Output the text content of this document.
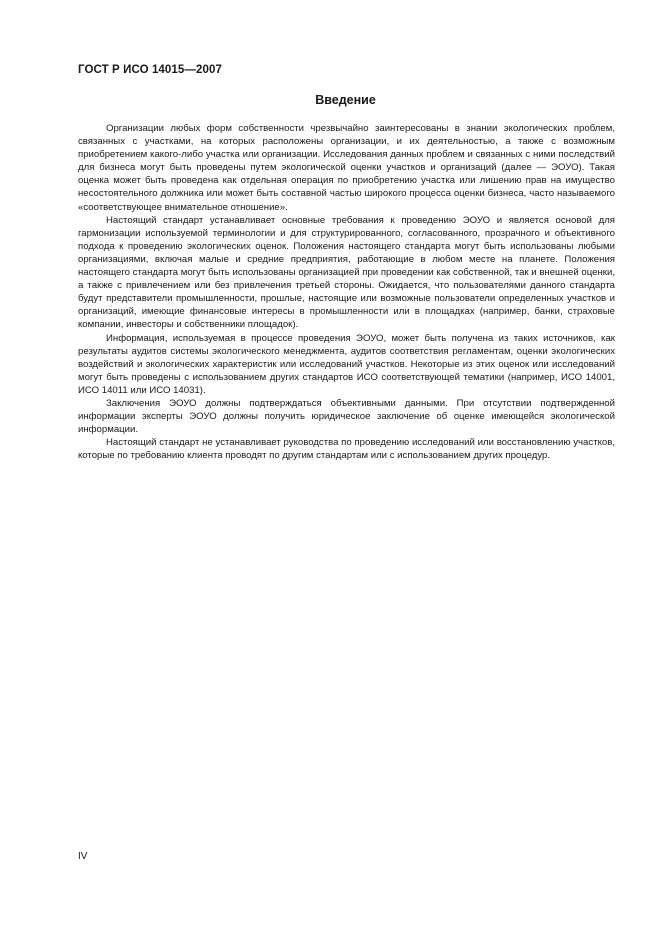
ГОСТ Р ИСО 14015—2007
Введение

Организации любых форм собственности чрезвычайно заинтересованы в знании экологических проблем, связанных с участками, на которых расположены организации, и их деятельностью, а также с возможным приобретением какого-либо участка или организации. Исследования данных проблем и связанных с ними последствий для бизнеса могут быть проведены путем экологической оценки участков и организаций (далее — ЭОУО). Такая оценка может быть проведена как отдельная операция по приобретению участка или лишению прав на имущество несостоятельного должника или может быть составной частью широкого процесса оценки бизнеса, часто называемого «соответствующее внимательное отношение».

Настоящий стандарт устанавливает основные требования к проведению ЭОУО и является основой для гармонизации используемой терминологии и для структурированного, согласованного, прозрачного и объективного подхода к проведению экологических оценок. Положения настоящего стандарта могут быть использованы любыми организациями, включая малые и средние предприятия, работающие в любом месте на планете. Положения настоящего стандарта могут быть использованы организацией при проведении как собственной, так и внешней оценки, а также с привлечением или без привлечения третьей стороны. Ожидается, что пользователями данного стандарта будут представители промышленности, прошлые, настоящие или возможные пользователи определенных участков и организаций, имеющие финансовые интересы в промышленности или в площадках (например, банки, страховые компании, инвесторы и собственники площадок).

Информация, используемая в процессе проведения ЭОУО, может быть получена из таких источников, как результаты аудитов системы экологического менеджмента, аудитов соответствия регламентам, оценки экологических воздействий и экологических характеристик или исследований участков. Некоторые из этих оценок или исследований могут быть проведены с использованием других стандартов ИСО соответствующей тематики (например, ИСО 14001, ИСО 14011 или ИСО 14031).

Заключения ЭОУО должны подтверждаться объективными данными. При отсутствии подтвержденной информации эксперты ЭОУО должны получить юридическое заключение об оценке имеющейся экологической информации.

Настоящий стандарт не устанавливает руководства по проведению исследований или восстановлению участков, которые по требованию клиента проводят по другим стандартам или с использованием других процедур.

IV
